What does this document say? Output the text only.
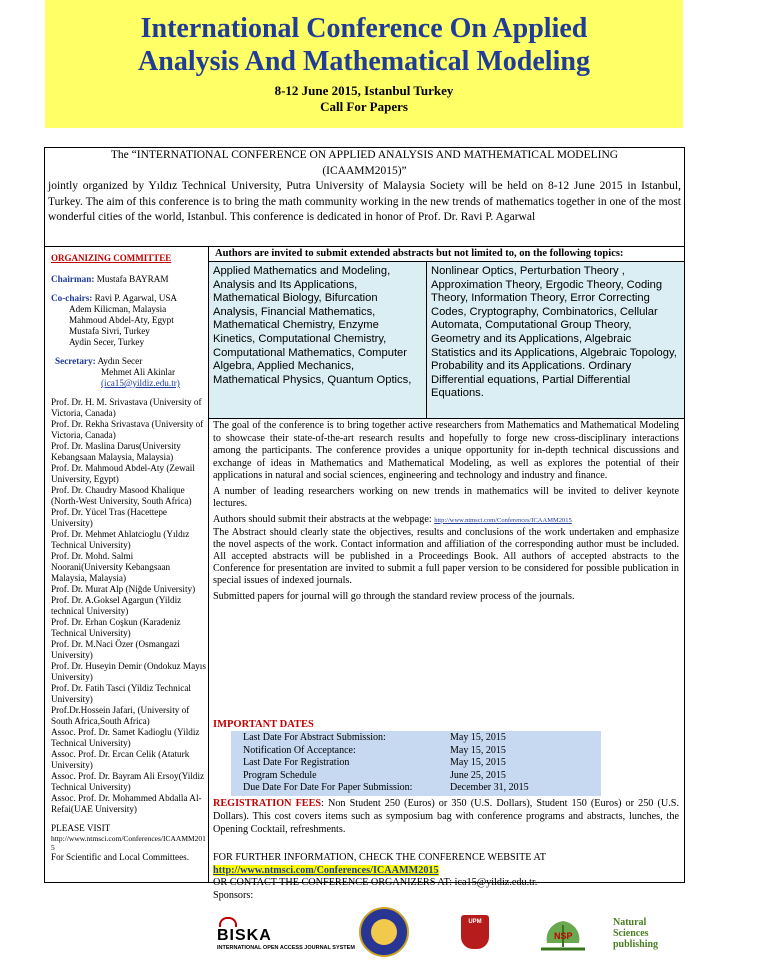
International Conference On Applied
Analysis And Mathematical Modeling
8-12 June 2015, Istanbul Turkey
Call For Papers
The “INTERNATIONAL CONFERENCE ON APPLIED ANALYSIS AND MATHEMATICAL MODELING
(ICAAMM2015)”
jointly organized by Yıldız Technical University, Putra University of Malaysia Society will be held on 8-12 June 2015 in Istanbul, Turkey. The aim of this conference is to bring the math community working in the new trends of mathematics together in one of the most wonderful cities of the world, Istanbul. This conference is dedicated in honor of Prof. Dr. Ravi P. Agarwal
ORGANIZING COMMITTEE
Chairman: Mustafa BAYRAM
Co-chairs: Ravi P. Agarwal, USA
Adem Kilicman, Malaysia
Mahmoud Abdel-Aty, Egypt
Mustafa Sivri, Turkey
Aydin Secer, Turkey
Secretary: Aydın Secer
Mehmet Ali Akinlar
(ica15@yildiz.edu.tr)
Prof. Dr. H. M. Srivastava (University of Victoria, Canada)
Prof. Dr. Rekha Srivastava (University of Victoria, Canada)
Prof. Dr. Maslina Darus(University Kebangsaan Malaysia, Malaysia)
Prof. Dr. Mahmoud Abdel-Aty (Zewail University, Egypt)
Prof. Dr. Chaudry Masood Khalique (North-West University, South Africa)
Prof. Dr. Yücel Tras (Hacettepe University)
Prof. Dr. Mehmet Ahlatcioglu (Yıldız Technical University)
Prof. Dr. Mohd. Salmi Noorani(University Kebangsaan Malaysia, Malaysia)
Prof. Dr. Murat Alp (Niğde University)
Prof. Dr. A.Goksel Agargun (Yildiz technical University)
Prof. Dr. Erhan Coşkun (Karadeniz Technical University)
Prof. Dr. M.Naci Özer (Osmangazi University)
Prof. Dr. Huseyin Demir (Ondokuz Mayıs University)
Prof. Dr. Fatih Tasci (Yildiz Technical University)
Prof.Dr.Hossein Jafari, (University of South Africa,South Africa)
Assoc. Prof. Dr. Samet Kadioglu (Yildiz Technical University)
Assoc. Prof. Dr. Ercan Celik (Ataturk University)
Assoc. Prof. Dr. Bayram Ali Ersoy(Yildiz Technical University)
Assoc. Prof. Dr. Mohammed Abdalla Al-Refai(UAE University)
PLEASE VISIT
http://www.ntmsci.com/Conferences/ICAAMM2015
For Scientific and Local Committees.
Authors are invited to submit extended abstracts but not limited to, on the following topics:
Applied Mathematics and Modeling, Analysis and Its Applications, Mathematical Biology, Bifurcation Analysis, Financial Mathematics, Mathematical Chemistry, Enzyme Kinetics, Computational Chemistry, Computational Mathematics, Computer Algebra, Applied Mechanics, Mathematical Physics, Quantum Optics,
Nonlinear Optics, Perturbation Theory , Approximation Theory, Ergodic Theory, Coding Theory, Information Theory, Error Correcting Codes, Cryptography, Combinatorics, Cellular Automata, Computational Group Theory, Geometry and its Applications, Algebraic Statistics and its Applications, Algebraic Topology, Probability and its Applications. Ordinary Differential equations, Partial Differential Equations.

The goal of the conference is to bring together active researchers from Mathematics and Mathematical Modeling to showcase their state-of-the-art research results and hopefully to forge new cross-disciplinary interactions among the participants. The conference provides a unique opportunity for in-depth technical discussions and exchange of ideas in Mathematics and Mathematical Modeling, as well as explores the potential of their applications in natural and social sciences, engineering and technology and industry and finance.

A number of leading researchers working on new trends in mathematics will be invited to deliver keynote lectures.

Authors should submit their abstracts at the webpage: http://www.ntmsci.com/Conferences/ICAAMM2015

The Abstract should clearly state the objectives, results and conclusions of the work undertaken and emphasize the novel aspects of the work. Contact information and affiliation of the corresponding author must be included. All accepted abstracts will be published in a Proceedings Book. All authors of accepted abstracts to the Conference for presentation are invited to submit a full paper version to be considered for possible publication in special issues of indexed journals.

Submitted papers for journal will go through the standard review process of the journals.

IMPORTANT DATES
Last Date For Abstract Submission:	May 15, 2015
Notification Of Acceptance:	May 15, 2015
Last Date For Registration	May 15, 2015
Program Schedule	June 25, 2015
Due Date For Date For Paper Submission:	December 31, 2015
REGISTRATION FEES: Non Student 250 (Euros) or 350 (U.S. Dollars), Student 150 (Euros) or 250 (U.S. Dollars). This cost covers items such as symposium bag with conference programs and abstracts, lunches, the Opening Cocktail, refreshments.
FOR FURTHER INFORMATION, CHECK THE CONFERENCE WEBSITE AT
http://www.ntmsci.com/Conferences/ICAAMM2015
OR CONTACT THE CONFERENCE ORGANIZERS AT: ica15@yildiz.edu.tr.
Sponsors:
BISKA
INTERNATIONAL OPEN ACCESS JOURNAL SYSTEM
UPM
NSP
Natural
Sciences
publishing
